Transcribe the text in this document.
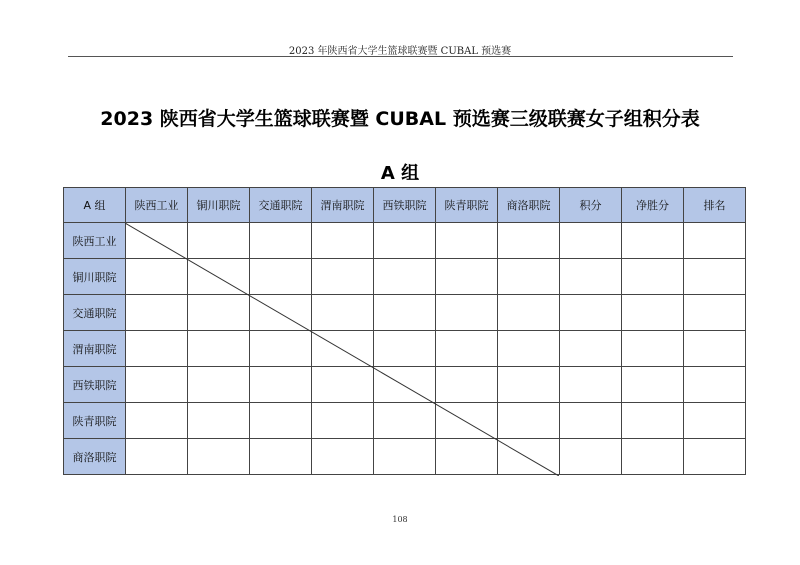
2023 年陕西省大学生篮球联赛暨 CUBAL 预选赛
2023 陕西省大学生篮球联赛暨 CUBAL 预选赛三级联赛女子组积分表
A 组
A 组	陕西工业	铜川职院	交通职院	渭南职院	西铁职院	陕青职院	商洛职院	积分	净胜分	排名
陕西工业										
铜川职院										
交通职院										
渭南职院										
西铁职院										
陕青职院										
商洛职院										
108
